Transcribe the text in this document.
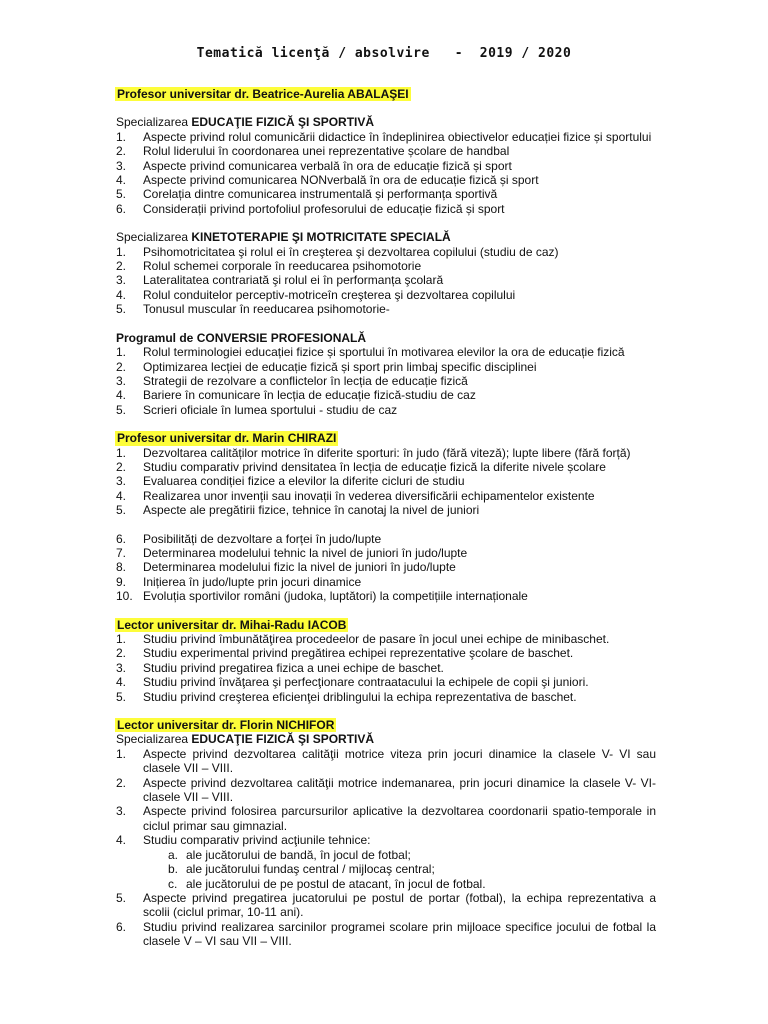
Tematică licenţă / absolvire   -  2019 / 2020
Profesor universitar dr. Beatrice-Aurelia ABALAŞEI
Specializarea EDUCAŢIE FIZICĂ ŞI SPORTIVĂ
1.	Aspecte privind rolul comunicării didactice în îndeplinirea obiectivelor educației fizice și sportului
2.	Rolul liderului în coordonarea unei reprezentative școlare de handbal
3.	Aspecte privind comunicarea verbală în ora de educație fizică și sport
4.	Aspecte privind comunicarea NONverbală în ora de educație fizică și sport
5.	Corelația dintre comunicarea instrumentală și performanța sportivă
6.	Considerații privind portofoliul profesorului de educație fizică și sport
Specializarea KINETOTERAPIE ŞI MOTRICITATE SPECIALĂ
1.	Psihomotricitatea şi rolul ei în creşterea şi dezvoltarea copilului (studiu de caz)
2.	Rolul schemei corporale în reeducarea psihomotorie
3.	Lateralitatea contrariată şi rolul ei în performanța şcolară
4.	Rolul conduitelor perceptiv-motriceîn creşterea şi dezvoltarea copilului
5.	Tonusul muscular în reeducarea psihomotorie-
Programul de CONVERSIE PROFESIONALĂ
1.	Rolul terminologiei educației fizice și sportului în motivarea elevilor la ora de educație fizică
2.	Optimizarea lecției de educație fizică și sport prin limbaj specific disciplinei
3.	Strategii de rezolvare a conflictelor în lecția de educație fizică
4.	Bariere în comunicare în lecția de educație fizică-studiu de caz
5.	Scrieri oficiale în lumea sportului - studiu de caz
Profesor universitar dr. Marin CHIRAZI
1.	Dezvoltarea calităților motrice în diferite sporturi: în judo (fără viteză); lupte libere (fără forță)
2.	Studiu comparativ privind densitatea în lecția de educație fizică la diferite nivele școlare
3.	Evaluarea condiției fizice a elevilor la diferite cicluri de studiu
4.	Realizarea unor invenții sau inovații în vederea diversificării echipamentelor existente
5.	Aspecte ale pregătirii fizice, tehnice în canotaj la nivel de juniori
6.	Posibilități de dezvoltare a forței în judo/lupte
7.	Determinarea modelului tehnic la nivel de juniori în judo/lupte
8.	Determinarea modelului fizic la nivel de juniori în judo/lupte
9.	Inițierea în judo/lupte prin jocuri dinamice
10. Evoluția sportivilor români (judoka, luptători) la competițiile internaționale
Lector universitar dr. Mihai-Radu IACOB
1.	Studiu privind îmbunătăţirea procedeelor de pasare în jocul unei echipe de minibaschet.
2.	Studiu experimental privind pregătirea echipei reprezentative şcolare de baschet.
3.	Studiu privind pregatirea fizica a unei echipe de baschet.
4.	Studiu privind învăţarea şi perfecţionare contraatacului la echipele de copii şi juniori.
5.	Studiu privind creşterea eficienţei driblingului la echipa reprezentativa de baschet.
Lector universitar dr. Florin NICHIFOR
Specializarea EDUCAŢIE FIZICĂ ŞI SPORTIVĂ
1.	Aspecte privind dezvoltarea calităţii motrice viteza prin jocuri dinamice la clasele V- VI sau clasele VII – VIII.
2.	Aspecte privind dezvoltarea calităţii motrice indemanarea, prin jocuri dinamice la clasele V- VI- clasele VII – VIII.
3.	Aspecte privind folosirea parcursurilor aplicative la dezvoltarea coordonarii spatio-temporale in ciclul primar sau gimnazial.
4.	Studiu comparativ privind acţiunile tehnice:
a. ale jucătorului de bandă, în jocul de fotbal;
b. ale jucătorului fundaş central / mijlocaş central;
c. ale jucătorului de pe postul de atacant, în jocul de fotbal.
5.	Aspecte privind pregatirea jucatorului pe postul de portar (fotbal), la echipa reprezentativa a scolii (ciclul primar, 10-11 ani).
6.	Studiu privind realizarea sarcinilor programei scolare prin mijloace specifice jocului de fotbal la clasele V – VI sau VII – VIII.
